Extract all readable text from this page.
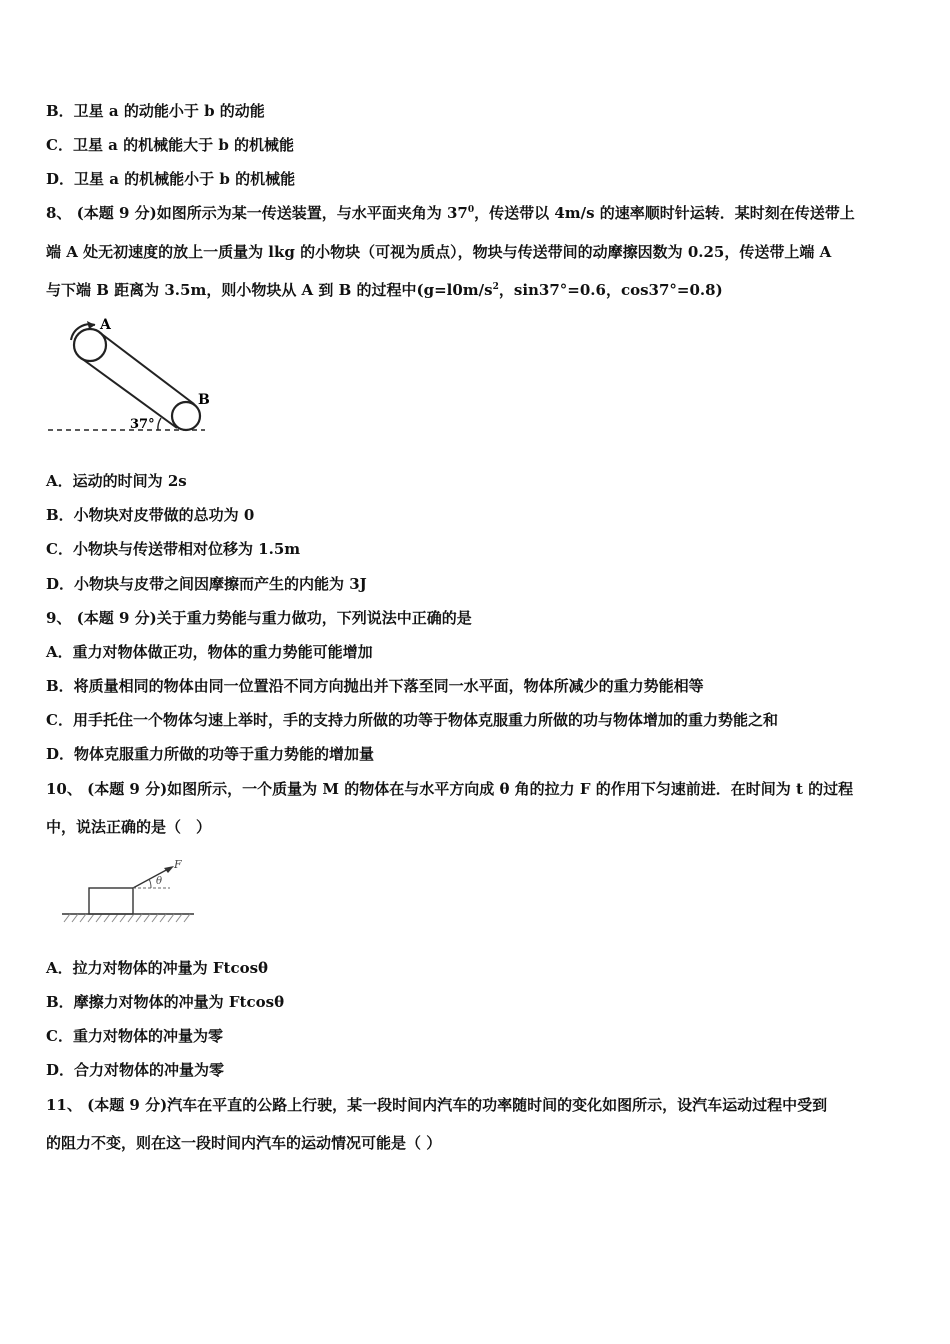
B．卫星 a 的动能小于 b 的动能
C．卫星 a 的机械能大于 b 的机械能
D．卫星 a 的机械能小于 b 的机械能
8、 (本题 9 分)如图所示为某一传送装置，与水平面夹角为 $37^0$，传送带以 4m/s 的速率顺时针运转．某时刻在传送带上
端 A 处无初速度的放上一质量为 lkg 的小物块（可视为质点），物块与传送带间的动摩擦因数为 0.25，传送带上端 A
与下端 B 距离为 3.5m，则小物块从 A 到 B 的过程中($g=l0m/s^2$，sin37°=0.6，cos37°=0.8)
A
B
37°
A．运动的时间为 2s
B．小物块对皮带做的总功为 0
C．小物块与传送带相对位移为 1.5m
D．小物块与皮带之间因摩擦而产生的内能为 3J
9、 (本题 9 分)关于重力势能与重力做功，下列说法中正确的是
A．重力对物体做正功，物体的重力势能可能增加
B．将质量相同的物体由同一位置沿不同方向抛出并下落至同一水平面，物体所减少的重力势能相等
C．用手托住一个物体匀速上举时，手的支持力所做的功等于物体克服重力所做的功与物体增加的重力势能之和
D．物体克服重力所做的功等于重力势能的增加量
10、 (本题 9 分)如图所示，一个质量为 M 的物体在与水平方向成 θ 角的拉力 F 的作用下匀速前进．在时间为 t 的过程
中，说法正确的是（　）
F
θ
A．拉力对物体的冲量为 Ftcosθ
B．摩擦力对物体的冲量为 Ftcosθ
C．重力对物体的冲量为零
D．合力对物体的冲量为零
11、 (本题 9 分)汽车在平直的公路上行驶，某一段时间内汽车的功率随时间的变化如图所示，设汽车运动过程中受到
的阻力不变，则在这一段时间内汽车的运动情况可能是（ ）
